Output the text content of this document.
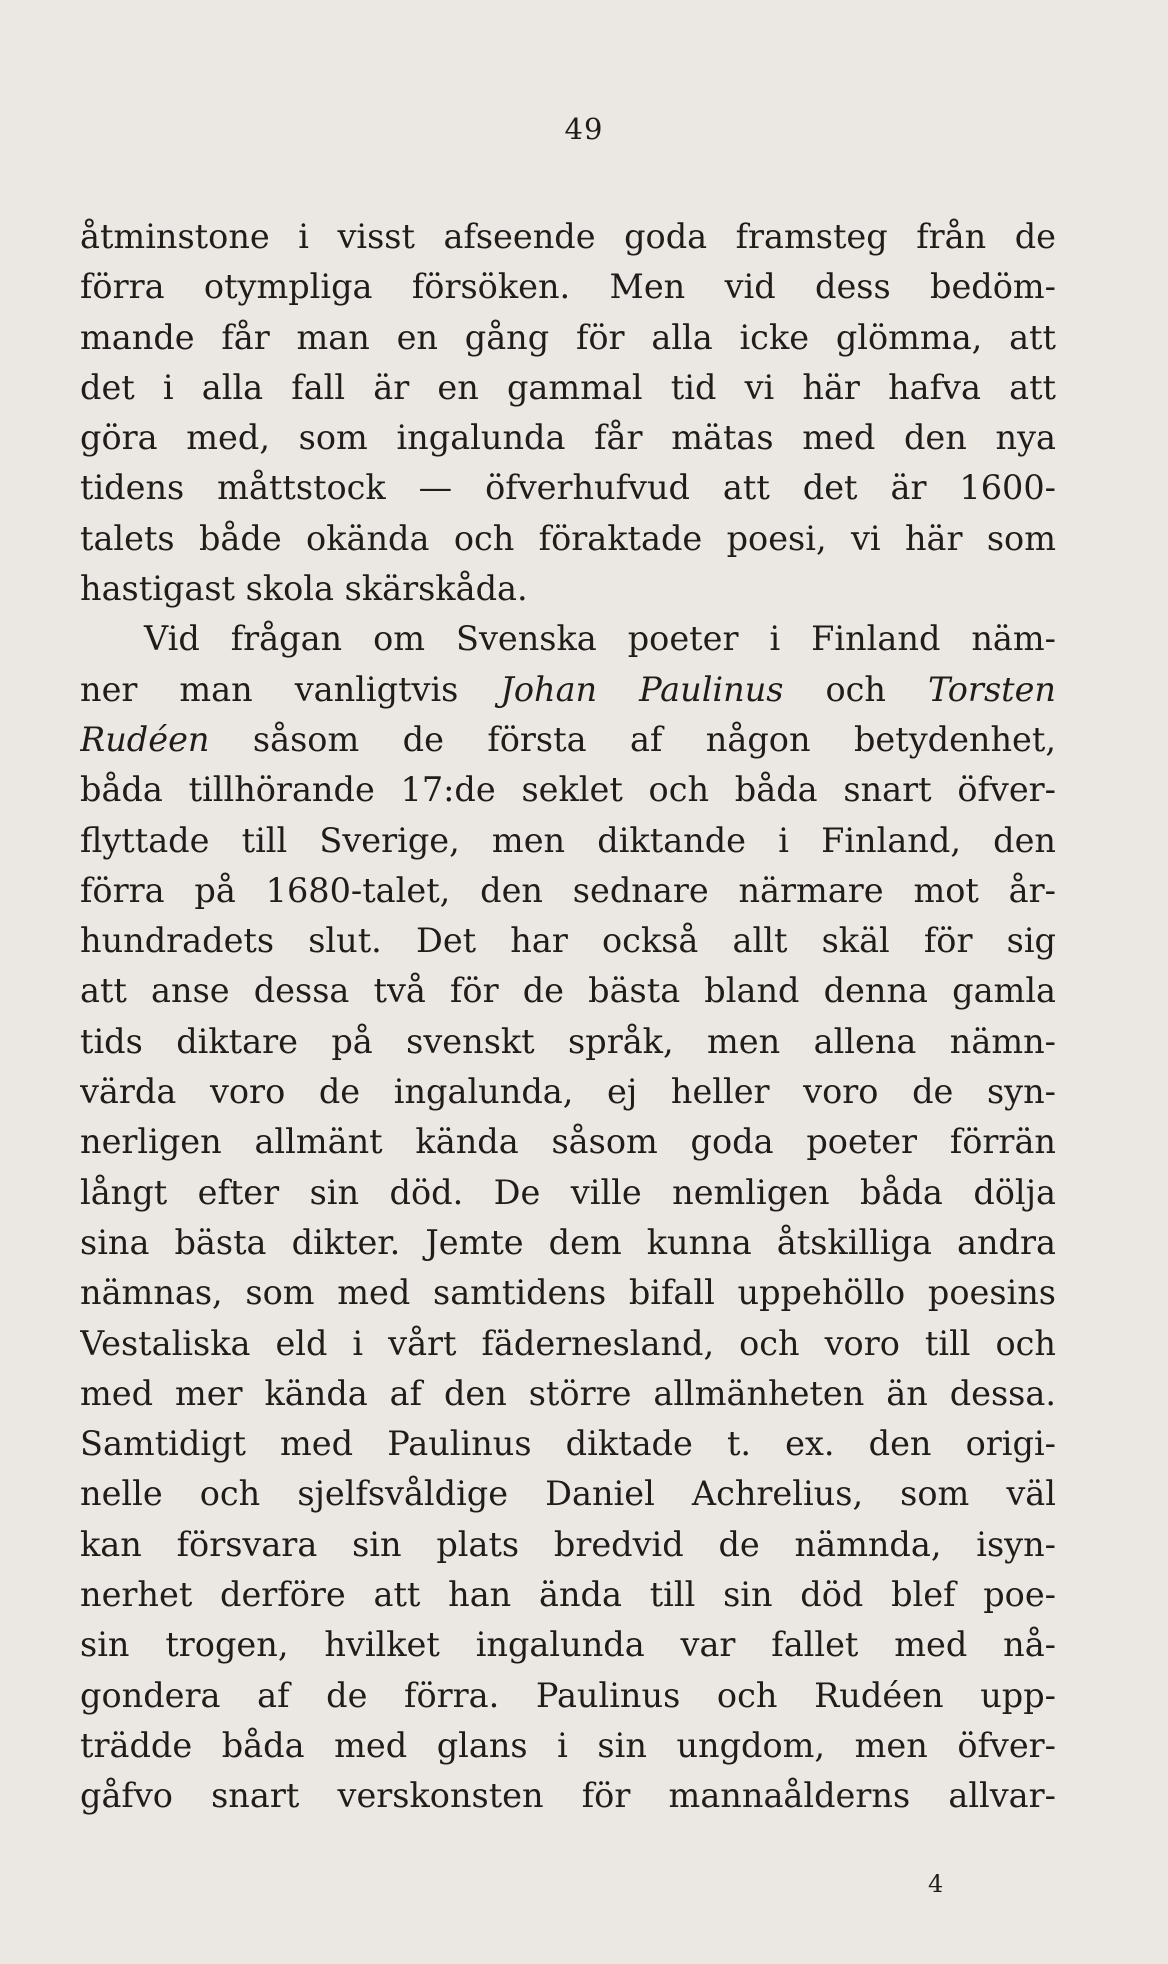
49
åtminstone i visst afseende goda framsteg från de
förra otympliga försöken. Men vid dess bedöm-
mande får man en gång för alla icke glömma, att
det i alla fall är en gammal tid vi här hafva att
göra med, som ingalunda får mätas med den nya
tidens måttstock — öfverhufvud att det är 1600-
talets både okända och föraktade poesi, vi här som
hastigast skola skärskåda.
Vid frågan om Svenska poeter i Finland näm-
ner man vanligtvis Johan Paulinus och Torsten
Rudéen såsom de första af någon betydenhet,
båda tillhörande 17:de seklet och båda snart öfver-
flyttade till Sverige, men diktande i Finland, den
förra på 1680-talet, den sednare närmare mot år-
hundradets slut. Det har också allt skäl för sig
att anse dessa två för de bästa bland denna gamla
tids diktare på svenskt språk, men allena nämn-
värda voro de ingalunda, ej heller voro de syn-
nerligen allmänt kända såsom goda poeter förrän
långt efter sin död. De ville nemligen båda dölja
sina bästa dikter. Jemte dem kunna åtskilliga andra
nämnas, som med samtidens bifall uppehöllo poesins
Vestaliska eld i vårt fädernesland, och voro till och
med mer kända af den större allmänheten än dessa.
Samtidigt med Paulinus diktade t. ex. den origi-
nelle och sjelfsvåldige Daniel Achrelius, som väl
kan försvara sin plats bredvid de nämnda, isyn-
nerhet derföre att han ända till sin död blef poe-
sin trogen, hvilket ingalunda var fallet med nå-
gondera af de förra. Paulinus och Rudéen upp-
trädde båda med glans i sin ungdom, men öfver-
gåfvo snart verskonsten för mannaålderns allvar-
4
